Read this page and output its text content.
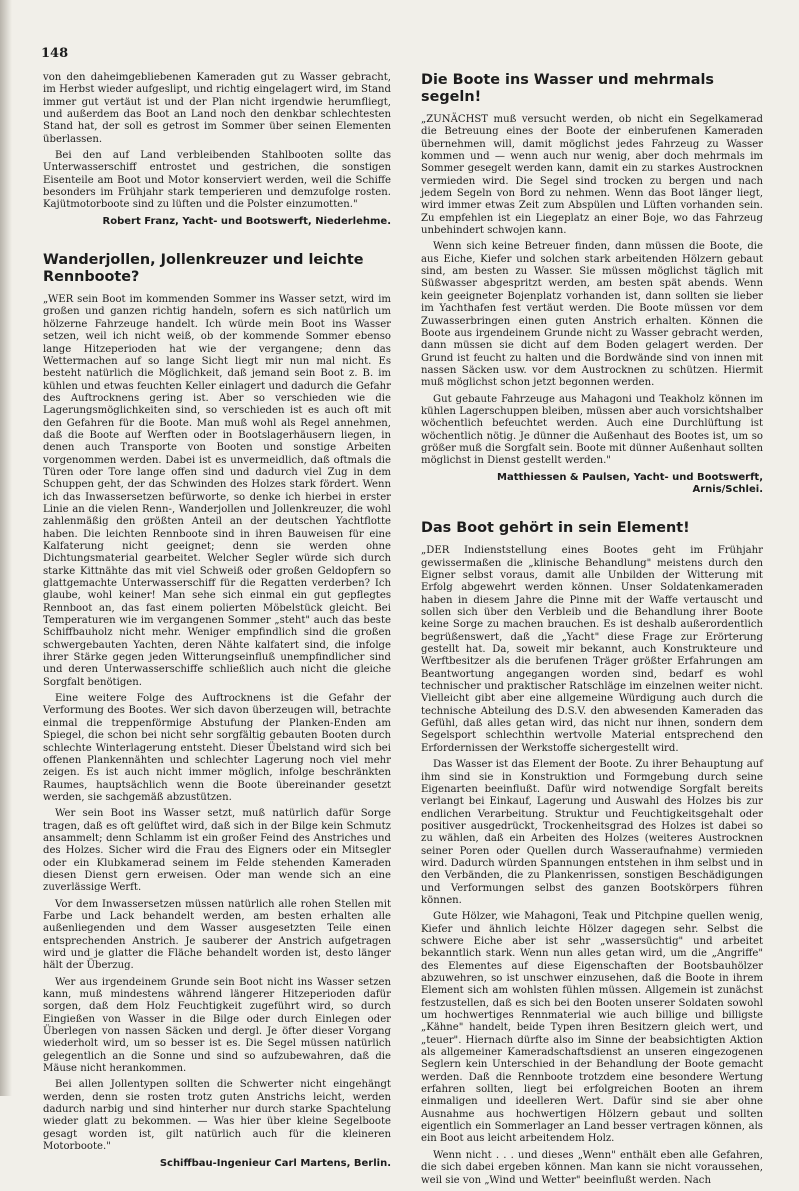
148

von den daheimgebliebenen Kameraden gut zu Wasser gebracht, im Herbst wieder aufgeslipt, und richtig eingelagert wird, im Stand immer gut vertäut ist und der Plan nicht irgendwie herumfliegt, und außerdem das Boot an Land noch den denkbar schlechtesten Stand hat, der soll es getrost im Sommer über seinen Elementen überlassen.

Bei den auf Land verbleibenden Stahlbooten sollte das Unterwasserschiff entrostet und gestrichen, die sonstigen Eisenteile am Boot und Motor konserviert werden, weil die Schiffe besonders im Frühjahr stark temperieren und demzufolge rosten. Kajütmotorboote sind zu lüften und die Polster einzumotten."

Robert Franz, Yacht- und Bootswerft, Niederlehme.

Wanderjollen, Jollenkreuzer und leichte Rennboote?

„WER sein Boot im kommenden Sommer ins Wasser setzt, wird im großen und ganzen richtig handeln, sofern es sich natürlich um hölzerne Fahrzeuge handelt. Ich würde mein Boot ins Wasser setzen, weil ich nicht weiß, ob der kommende Sommer ebenso lange Hitzeperioden hat wie der vergangene; denn das Wettermachen auf so lange Sicht liegt mir nun mal nicht. Es besteht natürlich die Möglichkeit, daß jemand sein Boot z. B. im kühlen und etwas feuchten Keller einlagert und dadurch die Gefahr des Auftrocknens gering ist. Aber so verschieden wie die Lagerungsmöglichkeiten sind, so verschieden ist es auch oft mit den Gefahren für die Boote. Man muß wohl als Regel annehmen, daß die Boote auf Werften oder in Bootslagerhäusern liegen, in denen auch Transporte von Booten und sonstige Arbeiten vorgenommen werden. Dabei ist es unvermeidlich, daß oftmals die Türen oder Tore lange offen sind und dadurch viel Zug in dem Schuppen geht, der das Schwinden des Holzes stark fördert. Wenn ich das Inwassersetzen befürworte, so denke ich hierbei in erster Linie an die vielen Renn-, Wanderjollen und Jollenkreuzer, die wohl zahlenmäßig den größten Anteil an der deutschen Yachtflotte haben. Die leichten Rennboote sind in ihren Bauweisen für eine Kalfaterung nicht geeignet; denn sie werden ohne Dichtungsmaterial gearbeitet. Welcher Segler würde sich durch starke Kittnähte das mit viel Schweiß oder großen Geldopfern so glattgemachte Unterwasserschiff für die Regatten verderben? Ich glaube, wohl keiner! Man sehe sich einmal ein gut gepflegtes Rennboot an, das fast einem polierten Möbelstück gleicht. Bei Temperaturen wie im vergangenen Sommer „steht" auch das beste Schiffbauholz nicht mehr. Weniger empfindlich sind die großen schwergebauten Yachten, deren Nähte kalfatert sind, die infolge ihrer Stärke gegen jeden Witterungseinfluß unempfindlicher sind und deren Unterwasserschiffe schließlich auch nicht die gleiche Sorgfalt benötigen.

Eine weitere Folge des Auftrocknens ist die Gefahr der Verformung des Bootes. Wer sich davon überzeugen will, betrachte einmal die treppenförmige Abstufung der Planken-Enden am Spiegel, die schon bei nicht sehr sorgfältig gebauten Booten durch schlechte Winterlagerung entsteht. Dieser Übelstand wird sich bei offenen Plankennähten und schlechter Lagerung noch viel mehr zeigen. Es ist auch nicht immer möglich, infolge beschränkten Raumes, hauptsächlich wenn die Boote übereinander gesetzt werden, sie sachgemäß abzustützen.

Wer sein Boot ins Wasser setzt, muß natürlich dafür Sorge tragen, daß es oft gelüftet wird, daß sich in der Bilge kein Schmutz ansammelt; denn Schlamm ist ein großer Feind des Anstriches und des Holzes. Sicher wird die Frau des Eigners oder ein Mitsegler oder ein Klubkamerad seinem im Felde stehenden Kameraden diesen Dienst gern erweisen. Oder man wende sich an eine zuverlässige Werft.

Vor dem Inwassersetzen müssen natürlich alle rohen Stellen mit Farbe und Lack behandelt werden, am besten erhalten alle außenliegenden und dem Wasser ausgesetzten Teile einen entsprechenden Anstrich. Je sauberer der Anstrich aufgetragen wird und je glatter die Fläche behandelt worden ist, desto länger hält der Überzug.

Wer aus irgendeinem Grunde sein Boot nicht ins Wasser setzen kann, muß mindestens während längerer Hitzeperioden dafür sorgen, daß dem Holz Feuchtigkeit zugeführt wird, so durch Eingießen von Wasser in die Bilge oder durch Einlegen oder Überlegen von nassen Säcken und dergl. Je öfter dieser Vorgang wiederholt wird, um so besser ist es. Die Segel müssen natürlich gelegentlich an die Sonne und sind so aufzubewahren, daß die Mäuse nicht herankommen.

Bei allen Jollentypen sollten die Schwerter nicht eingehängt werden, denn sie rosten trotz guten Anstrichs leicht, werden dadurch narbig und sind hinterher nur durch starke Spachtelung wieder glatt zu bekommen. — Was hier über kleine Segelboote gesagt worden ist, gilt natürlich auch für die kleineren Motorboote."

Schiffbau-Ingenieur Carl Martens, Berlin.

Die Boote ins Wasser und mehrmals segeln!

„ZUNÄCHST muß versucht werden, ob nicht ein Segelkamerad die Betreuung eines der Boote der einberufenen Kameraden übernehmen will, damit möglichst jedes Fahrzeug zu Wasser kommen und — wenn auch nur wenig, aber doch mehrmals im Sommer gesegelt werden kann, damit ein zu starkes Austrocknen vermieden wird. Die Segel sind trocken zu bergen und nach jedem Segeln von Bord zu nehmen. Wenn das Boot länger liegt, wird immer etwas Zeit zum Abspülen und Lüften vorhanden sein. Zu empfehlen ist ein Liegeplatz an einer Boje, wo das Fahrzeug unbehindert schwojen kann.

Wenn sich keine Betreuer finden, dann müssen die Boote, die aus Eiche, Kiefer und solchen stark arbeitenden Hölzern gebaut sind, am besten zu Wasser. Sie müssen möglichst täglich mit Süßwasser abgespritzt werden, am besten spät abends. Wenn kein geeigneter Bojenplatz vorhanden ist, dann sollten sie lieber im Yachthafen fest vertäut werden. Die Boote müssen vor dem Zuwasserbringen einen guten Anstrich erhalten. Können die Boote aus irgendeinem Grunde nicht zu Wasser gebracht werden, dann müssen sie dicht auf dem Boden gelagert werden. Der Grund ist feucht zu halten und die Bordwände sind von innen mit nassen Säcken usw. vor dem Austrocknen zu schützen. Hiermit muß möglichst schon jetzt begonnen werden.

Gut gebaute Fahrzeuge aus Mahagoni und Teakholz können im kühlen Lagerschuppen bleiben, müssen aber auch vorsichtshalber wöchentlich befeuchtet werden. Auch eine Durchlüftung ist wöchentlich nötig. Je dünner die Außenhaut des Bootes ist, um so größer muß die Sorgfalt sein. Boote mit dünner Außenhaut sollten möglichst in Dienst gestellt werden."

Matthiessen & Paulsen, Yacht- und Bootswerft, Arnis/Schlei.

Das Boot gehört in sein Element!

„DER Indienststellung eines Bootes geht im Frühjahr gewissermaßen die „klinische Behandlung" meistens durch den Eigner selbst voraus, damit alle Unbilden der Witterung mit Erfolg abgewehrt werden können. Unser Soldatenkameraden haben in diesem Jahre die Pinne mit der Waffe vertauscht und sollen sich über den Verbleib und die Behandlung ihrer Boote keine Sorge zu machen brauchen. Es ist deshalb außerordentlich begrüßenswert, daß die „Yacht" diese Frage zur Erörterung gestellt hat. Da, soweit mir bekannt, auch Konstrukteure und Werftbesitzer als die berufenen Träger größter Erfahrungen am Beantwortung angegangen worden sind, bedarf es wohl technischer und praktischer Ratschläge im einzelnen weiter nicht. Vielleicht gibt aber eine allgemeine Würdigung auch durch die technische Abteilung des D.S.V. den abwesenden Kameraden das Gefühl, daß alles getan wird, das nicht nur ihnen, sondern dem Segelsport schlechthin wertvolle Material entsprechend den Erfordernissen der Werkstoffe sichergestellt wird.

Das Wasser ist das Element der Boote. Zu ihrer Behauptung auf ihm sind sie in Konstruktion und Formgebung durch seine Eigenarten beeinflußt. Dafür wird notwendige Sorgfalt bereits verlangt bei Einkauf, Lagerung und Auswahl des Holzes bis zur endlichen Verarbeitung. Struktur und Feuchtigkeitsgehalt oder positiver ausgedrückt, Trockenheitsgrad des Holzes ist dabei so zu wählen, daß ein Arbeiten des Holzes (weiteres Austrocknen seiner Poren oder Quellen durch Wasseraufnahme) vermieden wird. Dadurch würden Spannungen entstehen in ihm selbst und in den Verbänden, die zu Plankenrissen, sonstigen Beschädigungen und Verformungen selbst des ganzen Bootskörpers führen können.

Gute Hölzer, wie Mahagoni, Teak und Pitchpine quellen wenig, Kiefer und ähnlich leichte Hölzer dagegen sehr. Selbst die schwere Eiche aber ist sehr „wassersüchtig" und arbeitet bekanntlich stark. Wenn nun alles getan wird, um die „Angriffe" des Elementes auf diese Eigenschaften der Bootsbauhölzer abzuwehren, so ist unschwer einzusehen, daß die Boote in ihrem Element sich am wohlsten fühlen müssen. Allgemein ist zunächst festzustellen, daß es sich bei den Booten unserer Soldaten sowohl um hochwertiges Rennmaterial wie auch billige und billigste „Kähne" handelt, beide Typen ihren Besitzern gleich wert, und „teuer". Hiernach dürfte also im Sinne der beabsichtigten Aktion als allgemeiner Kameradschaftsdienst an unseren eingezogenen Seglern kein Unterschied in der Behandlung der Boote gemacht werden. Daß die Rennboote trotzdem eine besondere Wertung erfahren sollten, liegt bei erfolgreichen Booten an ihrem einmaligen und ideelleren Wert. Dafür sind sie aber ohne Ausnahme aus hochwertigen Hölzern gebaut und sollten eigentlich ein Sommerlager an Land besser vertragen können, als ein Boot aus leicht arbeitendem Holz.

Wenn nicht . . . und dieses „Wenn" enthält eben alle Gefahren, die sich dabei ergeben können. Man kann sie nicht voraussehen, weil sie von „Wind und Wetter" beeinflußt werden. Nach
